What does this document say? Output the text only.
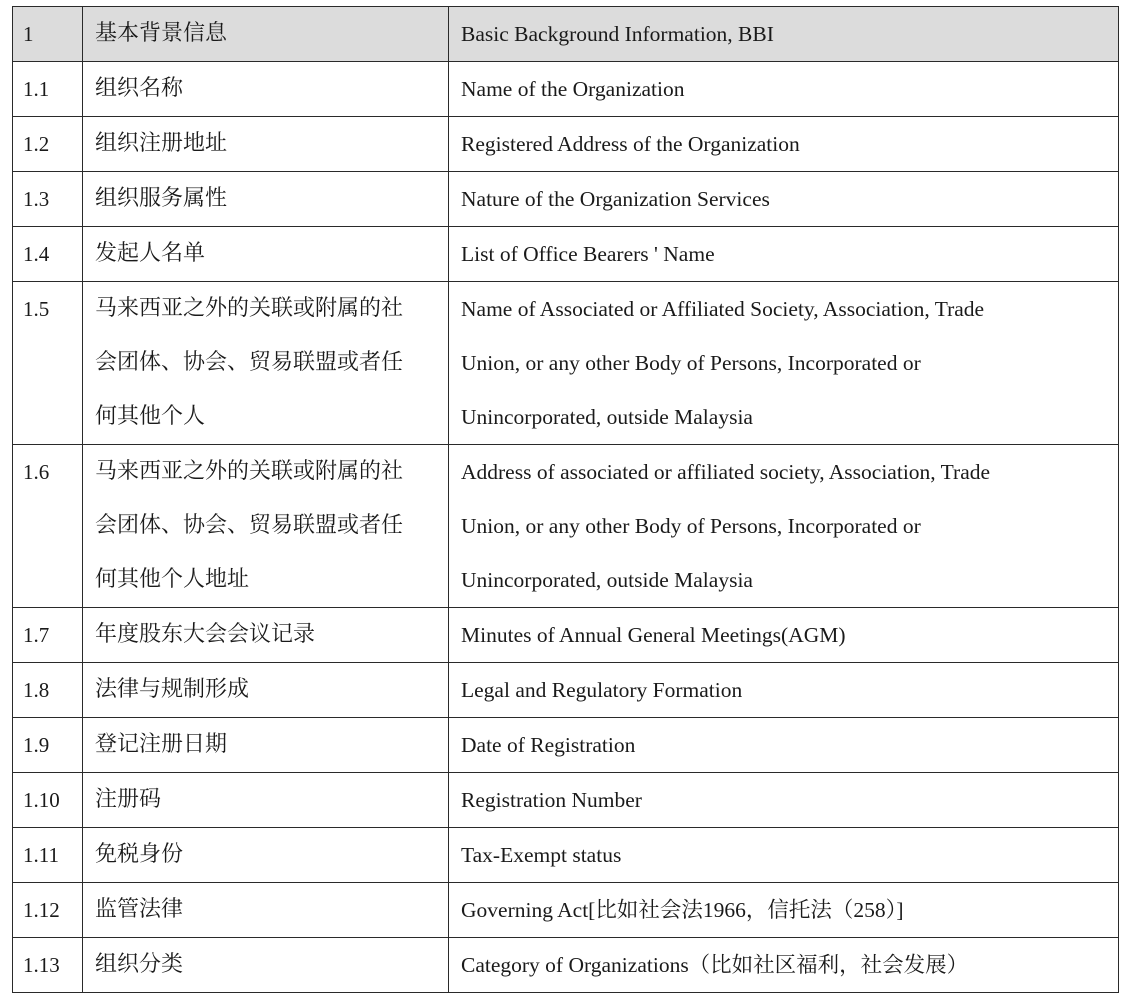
1	基本背景信息	Basic Background Information, BBI
1.1	组织名称	Name of the Organization

1.2	组织注册地址	Registered Address of the Organization

1.3	组织服务属性	Nature of the Organization Services

1.4	发起人名单	List of Office Bearers ' Name

1.5	马来西亚之外的关联或附属的社
会团体、协会、贸易联盟或者任
何其他个人	Name of Associated or Affiliated Society, Association, Trade
Union, or any other Body of Persons, Incorporated or
Unincorporated, outside Malaysia

1.6	马来西亚之外的关联或附属的社
会团体、协会、贸易联盟或者任
何其他个人地址	Address of associated or affiliated society, Association, Trade
Union, or any other Body of Persons, Incorporated or
Unincorporated, outside Malaysia

1.7	年度股东大会会议记录	Minutes of Annual General Meetings(AGM)

1.8	法律与规制形成	Legal and Regulatory Formation

1.9	登记注册日期	Date of Registration

1.10	注册码	Registration Number

1.11	免税身份	Tax-Exempt status

1.12	监管法律	Governing Act[比如社会法1966，信托法（258）]

1.13	组织分类	Category of Organizations（比如社区福利，社会发展）
